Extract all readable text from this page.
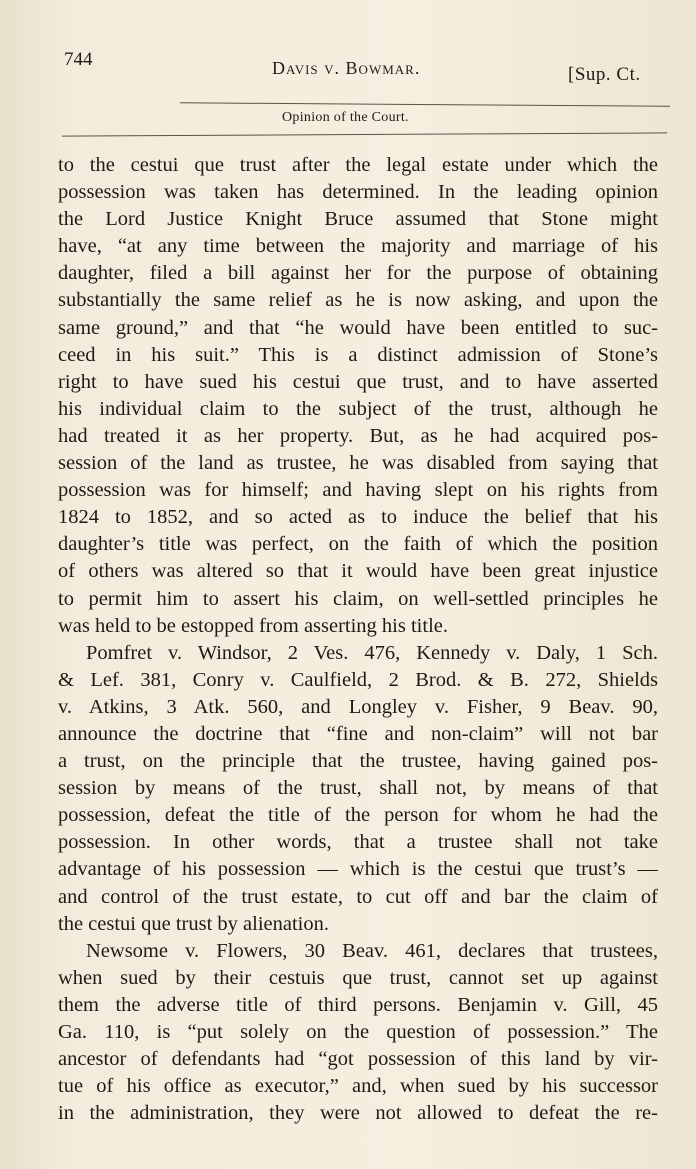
744	Davis v. Bowmar.	[Sup. Ct.
Opinion of the Court.
to the cestui que trust after the legal estate under which the
possession was taken has determined. In the leading opinion
the Lord Justice Knight Bruce assumed that Stone might
have, “at any time between the majority and marriage of his
daughter, filed a bill against her for the purpose of obtaining
substantially the same relief as he is now asking, and upon the
same ground,” and that “he would have been entitled to suc-
ceed in his suit.” This is a distinct admission of Stone’s
right to have sued his cestui que trust, and to have asserted
his individual claim to the subject of the trust, although he
had treated it as her property. But, as he had acquired pos-
session of the land as trustee, he was disabled from saying that
possession was for himself; and having slept on his rights from
1824 to 1852, and so acted as to induce the belief that his
daughter’s title was perfect, on the faith of which the position
of others was altered so that it would have been great injustice
to permit him to assert his claim, on well-settled principles he
was held to be estopped from asserting his title.
Pomfret v. Windsor, 2 Ves. 476, Kennedy v. Daly, 1 Sch.
& Lef. 381, Conry v. Caulfield, 2 Brod. & B. 272, Shields
v. Atkins, 3 Atk. 560, and Longley v. Fisher, 9 Beav. 90,
announce the doctrine that “fine and non-claim” will not bar
a trust, on the principle that the trustee, having gained pos-
session by means of the trust, shall not, by means of that
possession, defeat the title of the person for whom he had the
possession. In other words, that a trustee shall not take
advantage of his possession — which is the cestui que trust’s —
and control of the trust estate, to cut off and bar the claim of
the cestui que trust by alienation.
Newsome v. Flowers, 30 Beav. 461, declares that trustees,
when sued by their cestuis que trust, cannot set up against
them the adverse title of third persons. Benjamin v. Gill, 45
Ga. 110, is “put solely on the question of possession.” The
ancestor of defendants had “got possession of this land by vir-
tue of his office as executor,” and, when sued by his successor
in the administration, they were not allowed to defeat the re-
